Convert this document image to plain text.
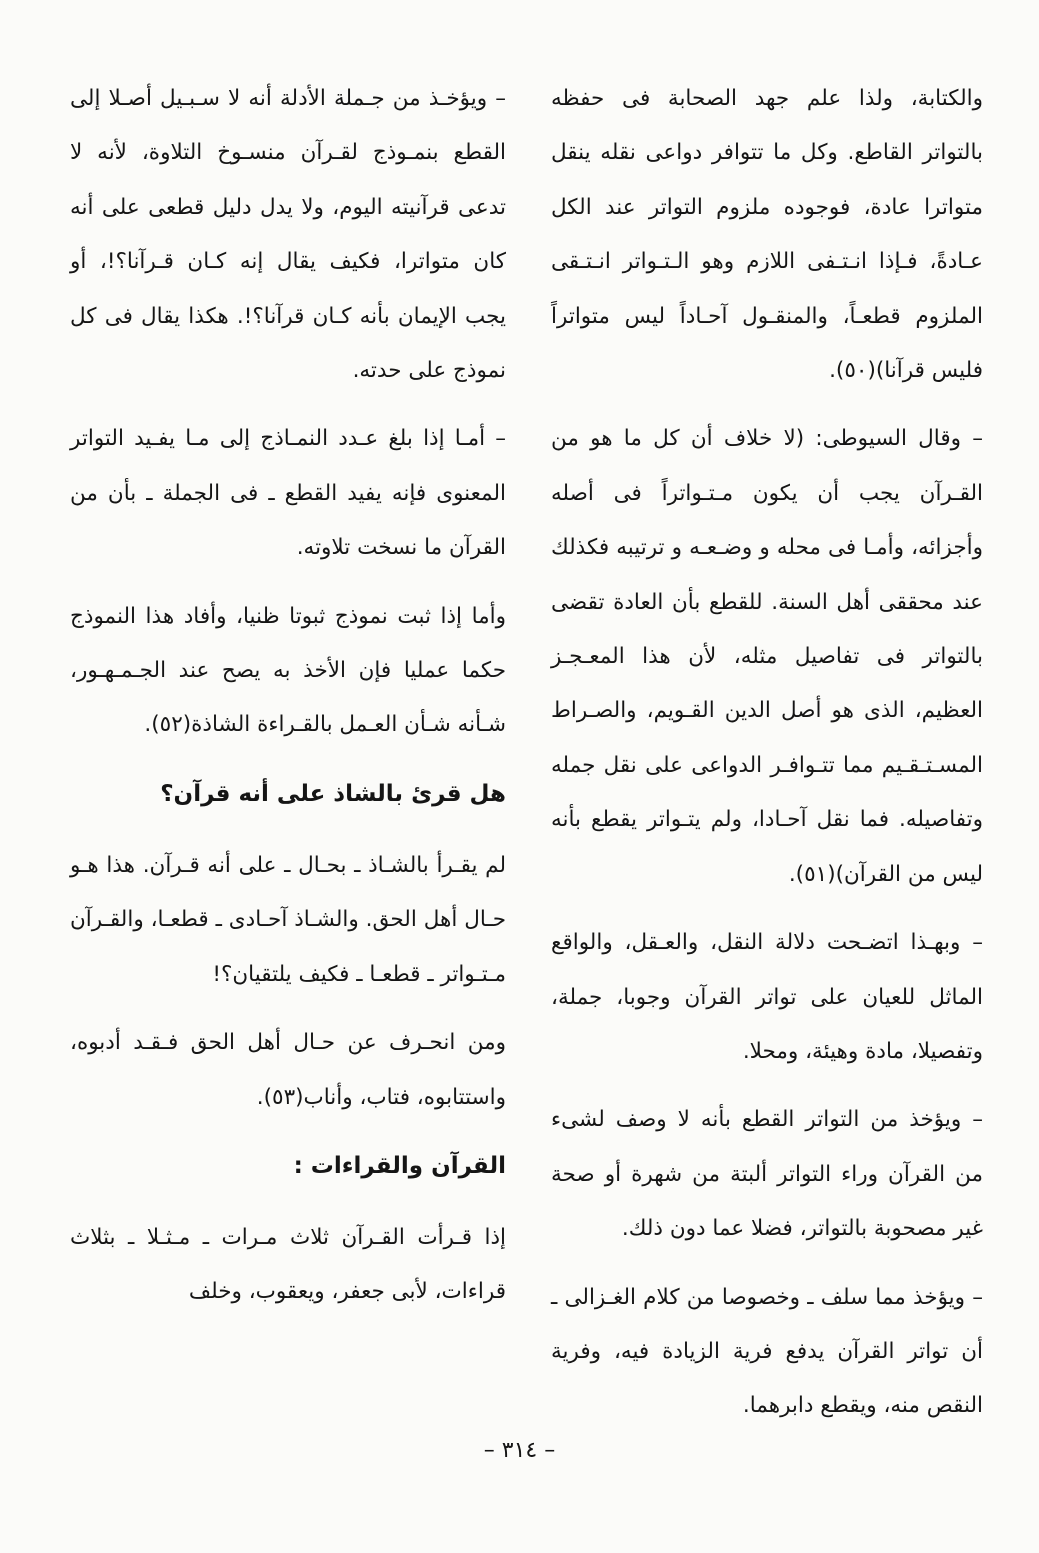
والكتابة، ولذا علم جهد الصحابة فى حفظه بالتواتر القاطع. وكل ما تتوافر دواعى نقله ينقل متواترا عادة، فوجوده ملزوم التواتر عند الكل عـادةً، فـإذا انـتـفى اللازم وهو الـتـواتر انـتـقى الملزوم قطعـاً، والمنقـول آحـاداً ليس متواتراً فليس قرآنا)(٥٠).

– وقال السيوطى: (لا خلاف أن كل ما هو من القـرآن يجب أن يكون مـتـواتراً فى أصله وأجزائه، وأمـا فى محله و وضـعـه و ترتيبه فكذلك عند محققى أهل السنة. للقطع بأن العادة تقضى بالتواتر فى تفاصيل مثله، لأن هذا المعـجـز العظيم، الذى هو أصل الدين القـويم، والصـراط المسـتـقـيم مما تتـوافـر الدواعى على نقل جمله وتفاصيله. فما نقل آحـادا، ولم يتـواتر يقطع بأنه ليس من القرآن)(٥١).

– وبهـذا اتضـحت دلالة النقل، والعـقل، والواقع الماثل للعيان على تواتر القرآن وجوبا، جملة، وتفصيلا، مادة وهيئة، ومحلا.

– ويؤخذ من التواتر القطع بأنه لا وصف لشىء من القرآن وراء التواتر ألبتة من شهرة أو صحة غير مصحوبة بالتواتر، فضلا عما دون ذلك.

– ويؤخذ مما سلف ـ وخصوصا من كلام الغـزالى ـ أن تواتر القرآن يدفع فرية الزيادة فيه، وفرية النقص منه، ويقطع دابرهما.

– ويؤخـذ من جـملة الأدلة أنه لا سـبـيل أصـلا إلى القطع بنمـوذج لقـرآن منسـوخ التلاوة، لأنه لا تدعى قرآنيته اليوم، ولا يدل دليل قطعى على أنه كان متواترا، فكيف يقال إنه كـان قـرآنا؟!، أو يجب الإيمان بأنه كـان قرآنا؟!. هكذا يقال فى كل نموذج على حدته.

– أمـا إذا بلغ عـدد النمـاذج إلى مـا يفـيد التواتر المعنوى فإنه يفيد القطع ـ فى الجملة ـ بأن من القرآن ما نسخت تلاوته.

وأما إذا ثبت نموذج ثبوتا ظنيا، وأفاد هذا النموذج حكما عمليا فإن الأخذ به يصح عند الجـمـهـور، شـأنه شـأن العـمل بالقـراءة الشاذة(٥٢).

هل قرئ بالشاذ على أنه قرآن؟

لم يقـرأ بالشـاذ ـ بحـال ـ على أنه قـرآن. هذا هـو حـال أهل الحق. والشـاذ آحـادى ـ قطعـا، والقـرآن مـتـواتر ـ قطعـا ـ فكيف يلتقيان؟!

ومن انحـرف عن حـال أهل الحق فـقـد أدبوه، واستتابوه، فتاب، وأناب(٥٣).

القرآن والقراءات :

إذا قـرأت القـرآن ثلاث مـرات ـ مـثـلا ـ بثلاث قراءات، لأبى جعفر، ويعقوب، وخلف

– ٣١٤ –
